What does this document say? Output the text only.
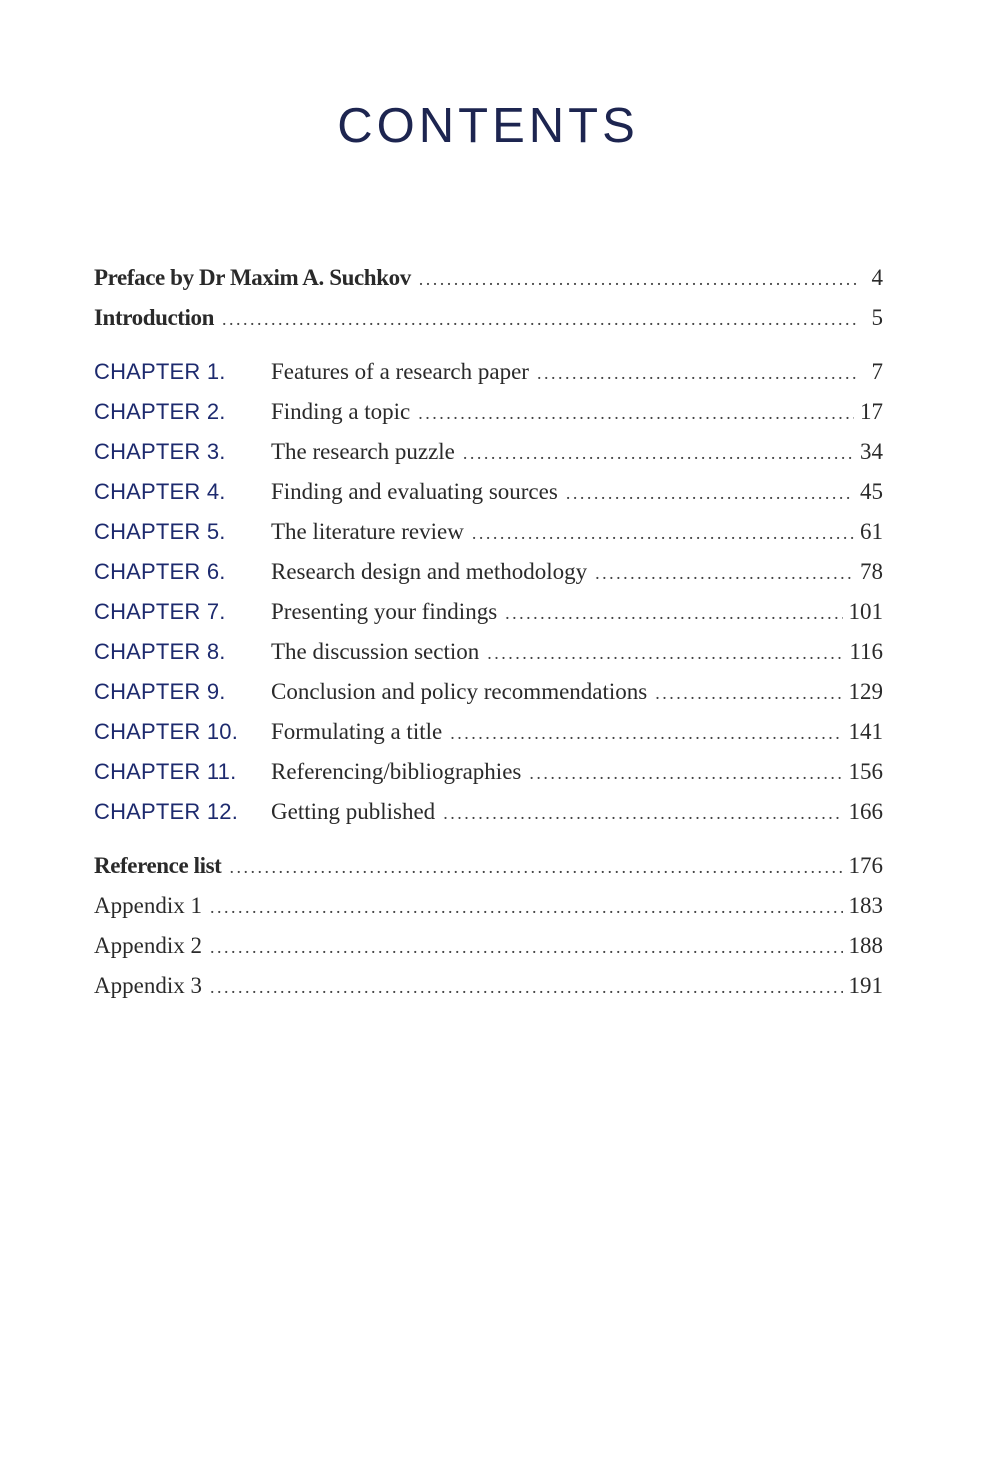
CONTENTS
Preface by Dr Maxim A. Suchkov . . .	4
Introduction . . .	5
CHAPTER 1.	Features of a research paper . . .	7
CHAPTER 2.	Finding a topic . . .	17
CHAPTER 3.	The research puzzle . . .	34
CHAPTER 4.	Finding and evaluating sources . . .	45
CHAPTER 5.	The literature review . . .	61
CHAPTER 6.	Research design and methodology . . .	78
CHAPTER 7.	Presenting your findings . . .	101
CHAPTER 8.	The discussion section . . .	116
CHAPTER 9.	Conclusion and policy recommendations . . .	129
CHAPTER 10.	Formulating a title . . .	141
CHAPTER 11.	Referencing/bibliographies . . .	156
CHAPTER 12.	Getting published . . .	166
Reference list . . .	176
Appendix 1 . . .	183
Appendix 2 . . .	188
Appendix 3 . . .	191
